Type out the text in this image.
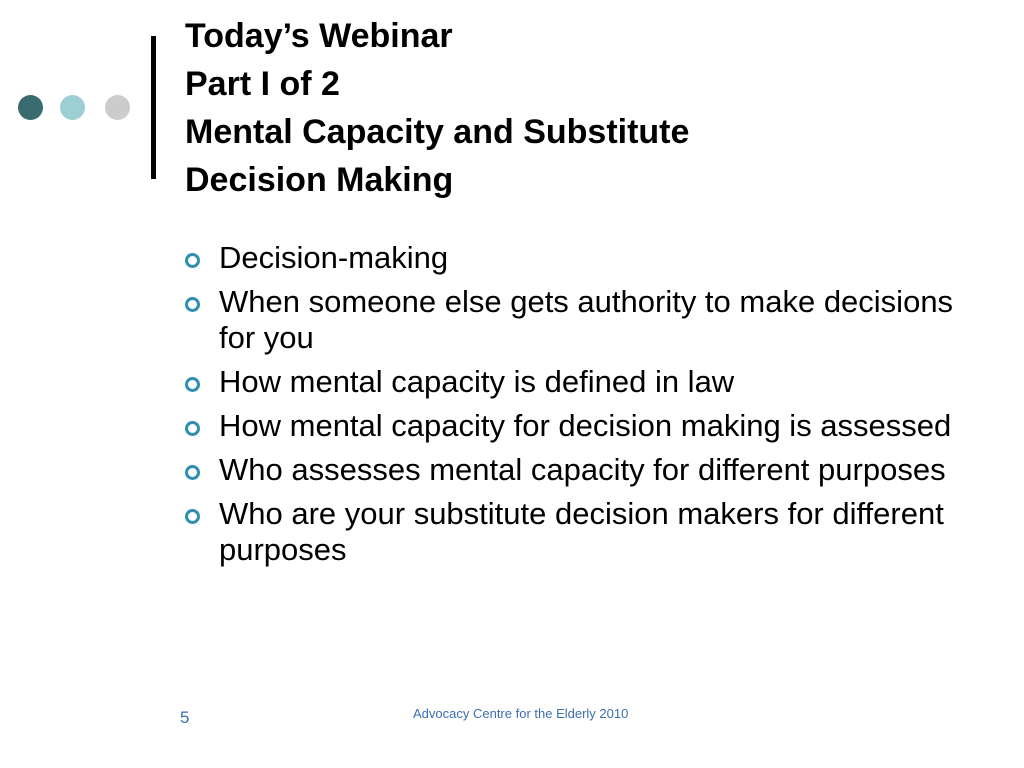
Today’s Webinar
Part I of 2
Mental Capacity and Substitute
Decision Making
Decision-making
When someone else gets authority to make decisions for you
How mental capacity is defined in law
How mental capacity for decision making is assessed
Who assesses mental capacity for different purposes
Who are your substitute decision makers for different purposes
5	Advocacy Centre for the Elderly 2010
